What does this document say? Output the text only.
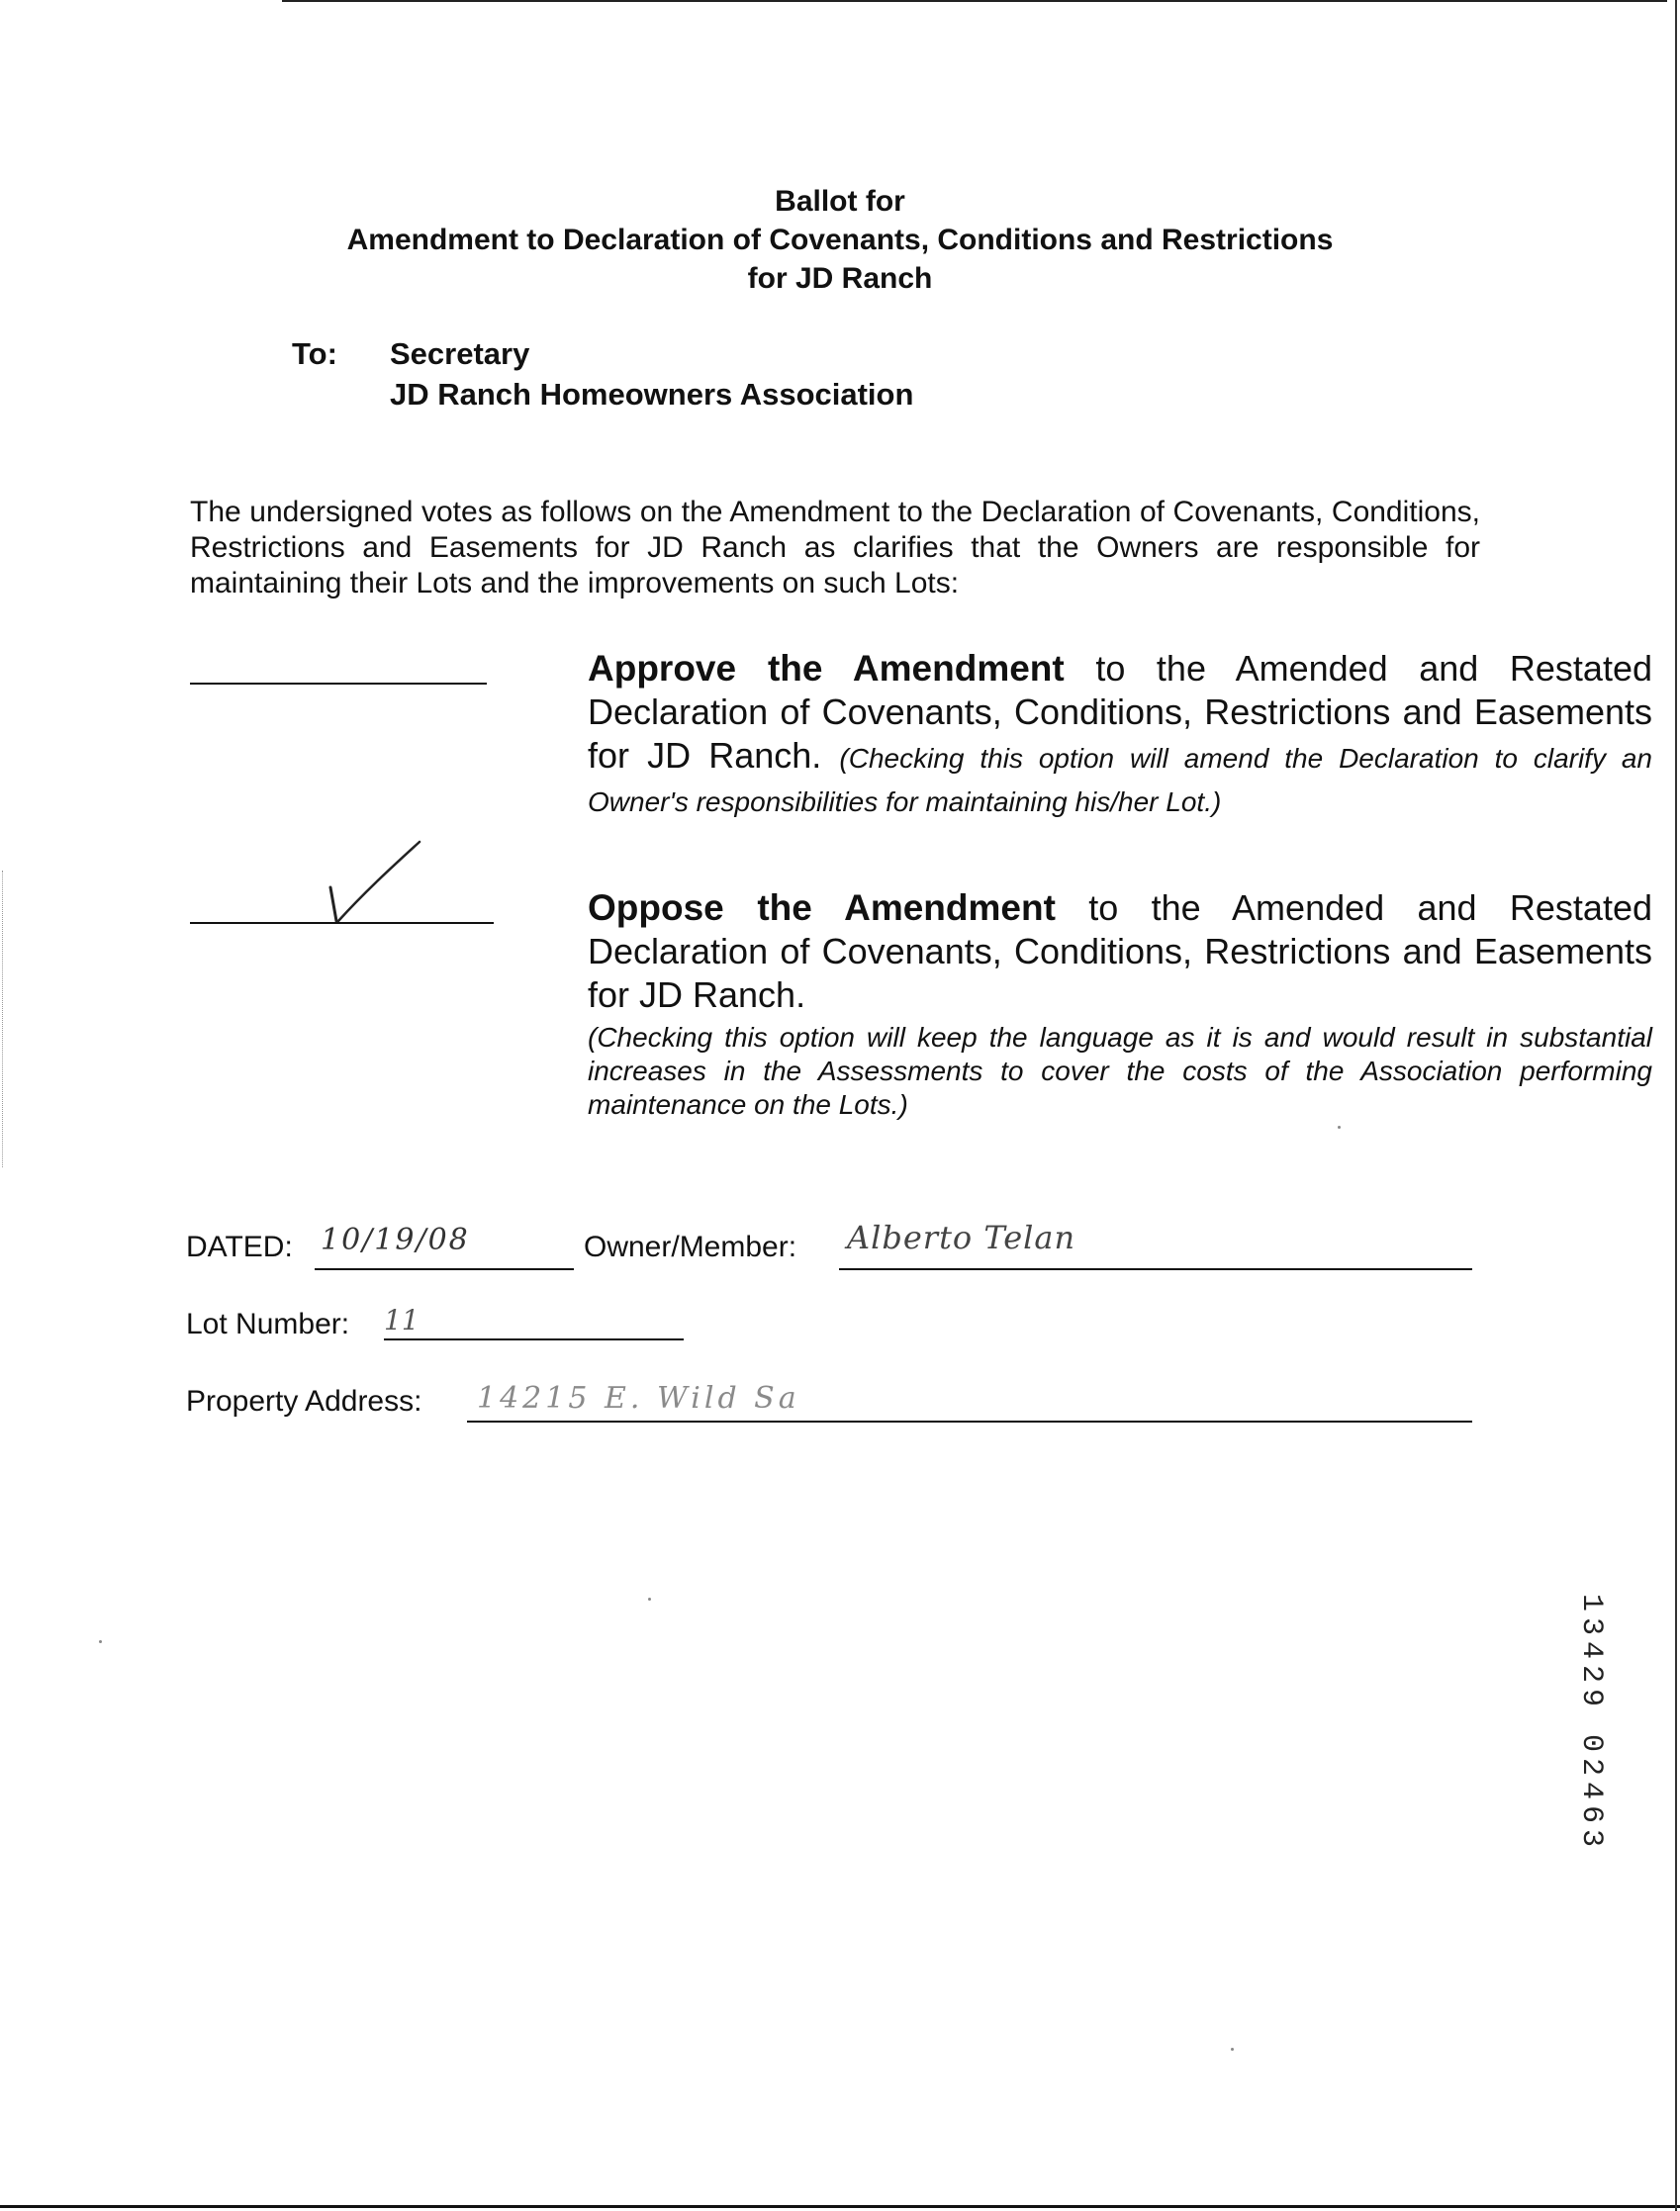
Ballot for
Amendment to Declaration of Covenants, Conditions and Restrictions
for JD Ranch
To: Secretary
JD Ranch Homeowners Association
The undersigned votes as follows on the Amendment to the Declaration of Covenants, Conditions, Restrictions and Easements for JD Ranch as clarifies that the Owners are responsible for maintaining their Lots and the improvements on such Lots:
Approve the Amendment to the Amended and Restated Declaration of Covenants, Conditions, Restrictions and Easements for JD Ranch. (Checking this option will amend the Declaration to clarify an Owner's responsibilities for maintaining his/her Lot.)
Oppose the Amendment to the Amended and Restated Declaration of Covenants, Conditions, Restrictions and Easements for JD Ranch.
(Checking this option will keep the language as it is and would result in substantial increases in the Assessments to cover the costs of the Association performing maintenance on the Lots.)
DATED: 10/19/08	Owner/Member: Alberto Telan
Lot Number: 11
Property Address: 14215 E. Wild Sa
1
3
4
2
9
0
2
4
6
3
